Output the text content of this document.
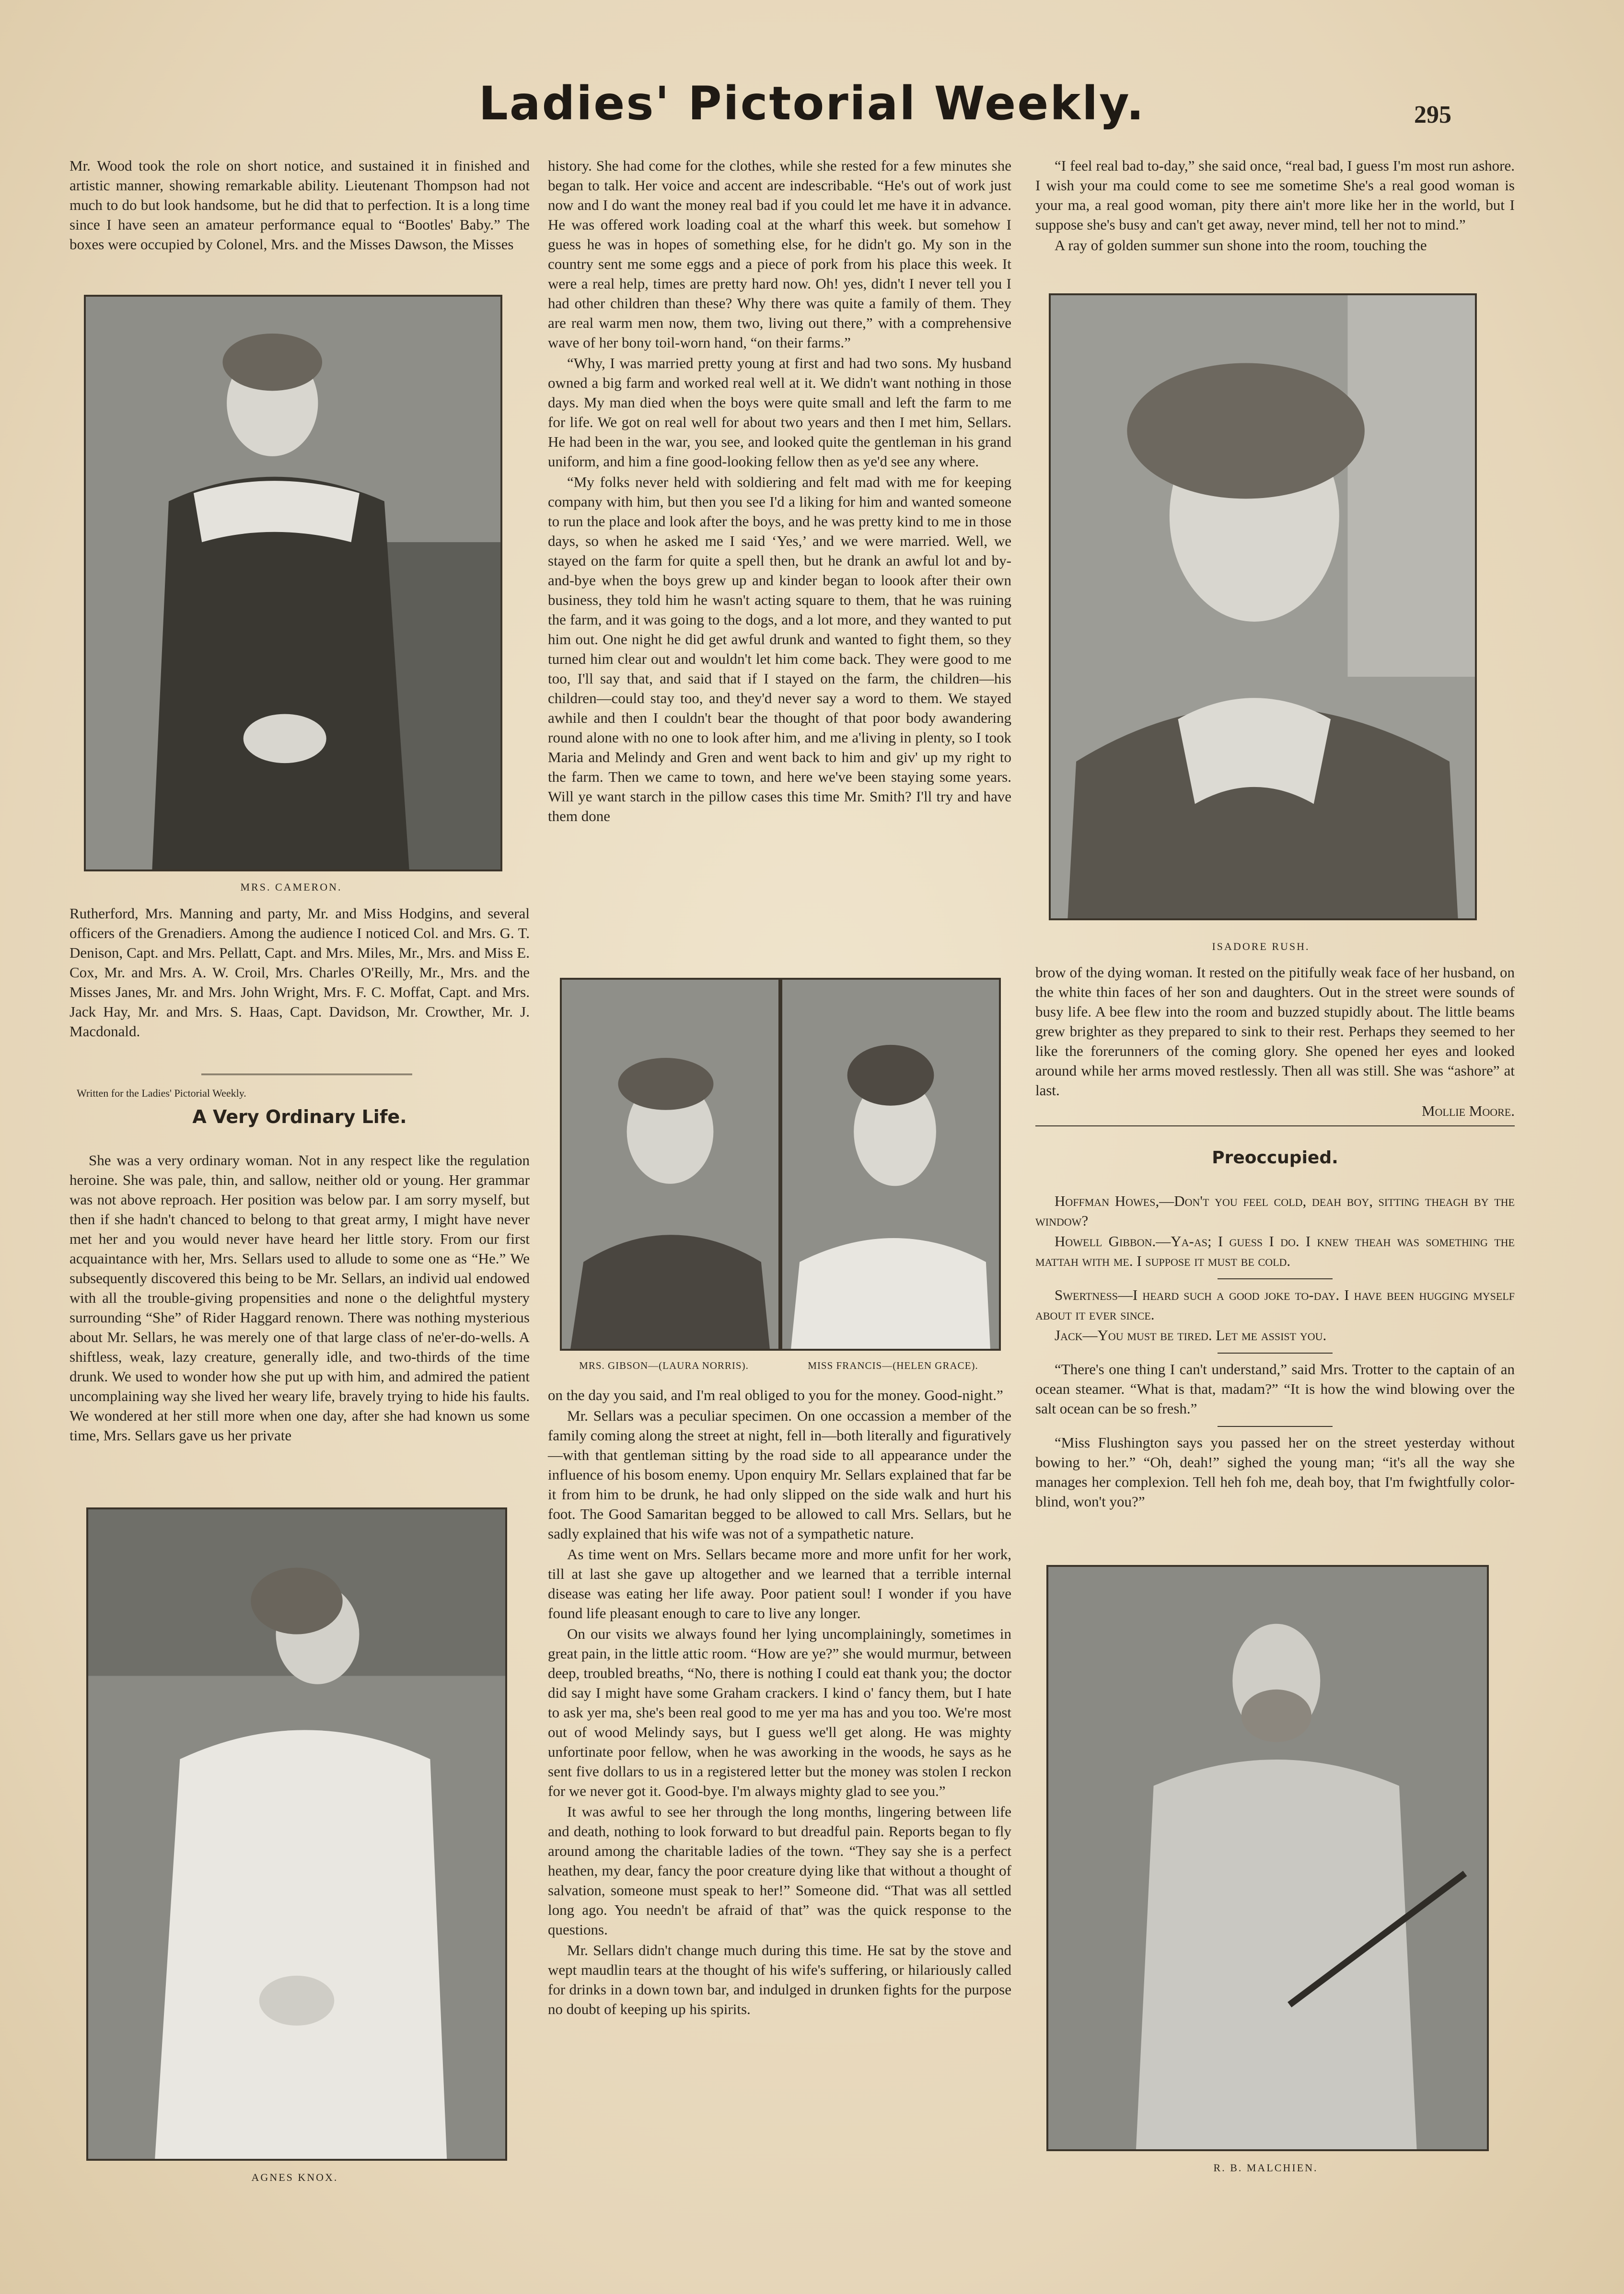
Ladies' Pictorial Weekly.	295

Mr. Wood took the role on short notice, and sustained it in finished and artistic manner, showing remarkable ability. Lieutenant Thompson had not much to do but look handsome, but he did that to perfection. It is a long time since I have seen an amateur performance equal to “Bootles' Baby.” The boxes were occupied by Colonel, Mrs. and the Misses Dawson, the Misses

MRS. CAMERON.

Rutherford, Mrs. Manning and party, Mr. and Miss Hodgins, and several officers of the Grenadiers. Among the audience I noticed Col. and Mrs. G. T. Denison, Capt. and Mrs. Pellatt, Capt. and Mrs. Miles, Mr., Mrs. and Miss E. Cox, Mr. and Mrs. A. W. Croil, Mrs. Charles O'Reilly, Mr., Mrs. and the Misses Janes, Mr. and Mrs. John Wright, Mrs. F. C. Moffat, Capt. and Mrs. Jack Hay, Mr. and Mrs. S. Haas, Capt. Davidson, Mr. Crowther, Mr. J. Macdonald.

Written for the Ladies' Pictorial Weekly.
A Very Ordinary Life.

She was a very ordinary woman. Not in any respect like the regulation heroine. She was pale, thin, and sallow, neither old or young. Her grammar was not above reproach. Her position was below par. I am sorry myself, but then if she hadn't chanced to belong to that great army, I might have never met her and you would never have heard her little story. From our first acquaintance with her, Mrs. Sellars used to allude to some one as “He.” We subsequently discovered this being to be Mr. Sellars, an individ ual endowed with all the trouble-giving propensities and none o the delightful mystery surrounding “She” of Rider Haggard renown. There was nothing mysterious about Mr. Sellars, he was merely one of that large class of ne'er-do-wells. A shiftless, weak, lazy creature, generally idle, and two-thirds of the time drunk. We used to wonder how she put up with him, and admired the patient uncomplaining way she lived her weary life, bravely trying to hide his faults. We wondered at her still more when one day, after she had known us some time, Mrs. Sellars gave us her private

AGNES KNOX.

history. She had come for the clothes, while she rested for a few minutes she began to talk. Her voice and accent are indescribable. “He's out of work just now and I do want the money real bad if you could let me have it in advance. He was offered work loading coal at the wharf this week. but somehow I guess he was in hopes of something else, for he didn't go. My son in the country sent me some eggs and a piece of pork from his place this week. It were a real help, times are pretty hard now. Oh! yes, didn't I never tell you I had other children than these? Why there was quite a family of them. They are real warm men now, them two, living out there,” with a comprehensive wave of her bony toil-worn hand, “on their farms.”

“Why, I was married pretty young at first and had two sons. My husband owned a big farm and worked real well at it. We didn't want nothing in those days. My man died when the boys were quite small and left the farm to me for life. We got on real well for about two years and then I met him, Sellars. He had been in the war, you see, and looked quite the gentleman in his grand uniform, and him a fine good-looking fellow then as ye'd see any where.

“My folks never held with soldiering and felt mad with me for keeping company with him, but then you see I'd a liking for him and wanted someone to run the place and look after the boys, and he was pretty kind to me in those days, so when he asked me I said ‘Yes,’ and we were married. Well, we stayed on the farm for quite a spell then, but he drank an awful lot and by-and-bye when the boys grew up and kinder began to loook after their own business, they told him he wasn't acting square to them, that he was ruining the farm, and it was going to the dogs, and a lot more, and they wanted to put him out. One night he did get awful drunk and wanted to fight them, so they turned him clear out and wouldn't let him come back. They were good to me too, I'll say that, and said that if I stayed on the farm, the children—his children—could stay too, and they'd never say a word to them. We stayed awhile and then I couldn't bear the thought of that poor body awandering round alone with no one to look after him, and me a'living in plenty, so I took Maria and Melindy and Gren and went back to him and giv' up my right to the farm. Then we came to town, and here we've been staying some years. Will ye want starch in the pillow cases this time Mr. Smith? I'll try and have them done

MRS. GIBSON—(LAURA NORRIS).	MISS FRANCIS—(HELEN GRACE).

on the day you said, and I'm real obliged to you for the money. Good-night.”

Mr. Sellars was a peculiar specimen. On one occassion a member of the family coming along the street at night, fell in—both literally and figuratively—with that gentleman sitting by the road side to all appearance under the influence of his bosom enemy. Upon enquiry Mr. Sellars explained that far be it from him to be drunk, he had only slipped on the side walk and hurt his foot. The Good Samaritan begged to be allowed to call Mrs. Sellars, but he sadly explained that his wife was not of a sympathetic nature.

As time went on Mrs. Sellars became more and more unfit for her work, till at last she gave up altogether and we learned that a terrible internal disease was eating her life away. Poor patient soul! I wonder if you have found life pleasant enough to care to live any longer.

On our visits we always found her lying uncomplainingly, sometimes in great pain, in the little attic room. “How are ye?” she would murmur, between deep, troubled breaths, “No, there is nothing I could eat thank you; the doctor did say I might have some Graham crackers. I kind o' fancy them, but I hate to ask yer ma, she's been real good to me yer ma has and you too. We're most out of wood Melindy says, but I guess we'll get along. He was mighty unfortinate poor fellow, when he was aworking in the woods, he says as he sent five dollars to us in a registered letter but the money was stolen I reckon for we never got it. Good-bye. I'm always mighty glad to see you.”

It was awful to see her through the long months, lingering between life and death, nothing to look forward to but dreadful pain. Reports began to fly around among the charitable ladies of the town. “They say she is a perfect heathen, my dear, fancy the poor creature dying like that without a thought of salvation, someone must speak to her!” Someone did. “That was all settled long ago. You needn't be afraid of that” was the quick response to the questions.

Mr. Sellars didn't change much during this time. He sat by the stove and wept maudlin tears at the thought of his wife's suffering, or hilariously called for drinks in a down town bar, and indulged in drunken fights for the purpose no doubt of keeping up his spirits.

“I feel real bad to-day,” she said once, “real bad, I guess I'm most run ashore. I wish your ma could come to see me sometime She's a real good woman is your ma, a real good woman, pity there ain't more like her in the world, but I suppose she's busy and can't get away, never mind, tell her not to mind.”

A ray of golden summer sun shone into the room, touching the

ISADORE RUSH.

brow of the dying woman. It rested on the pitifully weak face of her husband, on the white thin faces of her son and daughters. Out in the street were sounds of busy life. A bee flew into the room and buzzed stupidly about. The little beams grew brighter as they prepared to sink to their rest. Perhaps they seemed to her like the forerunners of the coming glory. She opened her eyes and looked around while her arms moved restlessly. Then all was still. She was “ashore” at last.

Mollie Moore.
Preoccupied.

Hoffman Howes,—Don't you feel cold, deah boy, sitting theagh by the window?

Howell Gibbon.—Ya-as; I guess I do. I knew theah was something the mattah with me. I suppose it must be cold.

Swertness—I heard such a good joke to-day. I have been hugging myself about it ever since.

Jack—You must be tired. Let me assist you.

“There's one thing I can't understand,” said Mrs. Trotter to the captain of an ocean steamer. “What is that, madam?” “It is how the wind blowing over the salt ocean can be so fresh.”

“Miss Flushington says you passed her on the street yesterday without bowing to her.” “Oh, deah!” sighed the young man; “it's all the way she manages her complexion. Tell heh foh me, deah boy, that I'm fwightfully color-blind, won't you?”

R. B. MALCHIEN.
